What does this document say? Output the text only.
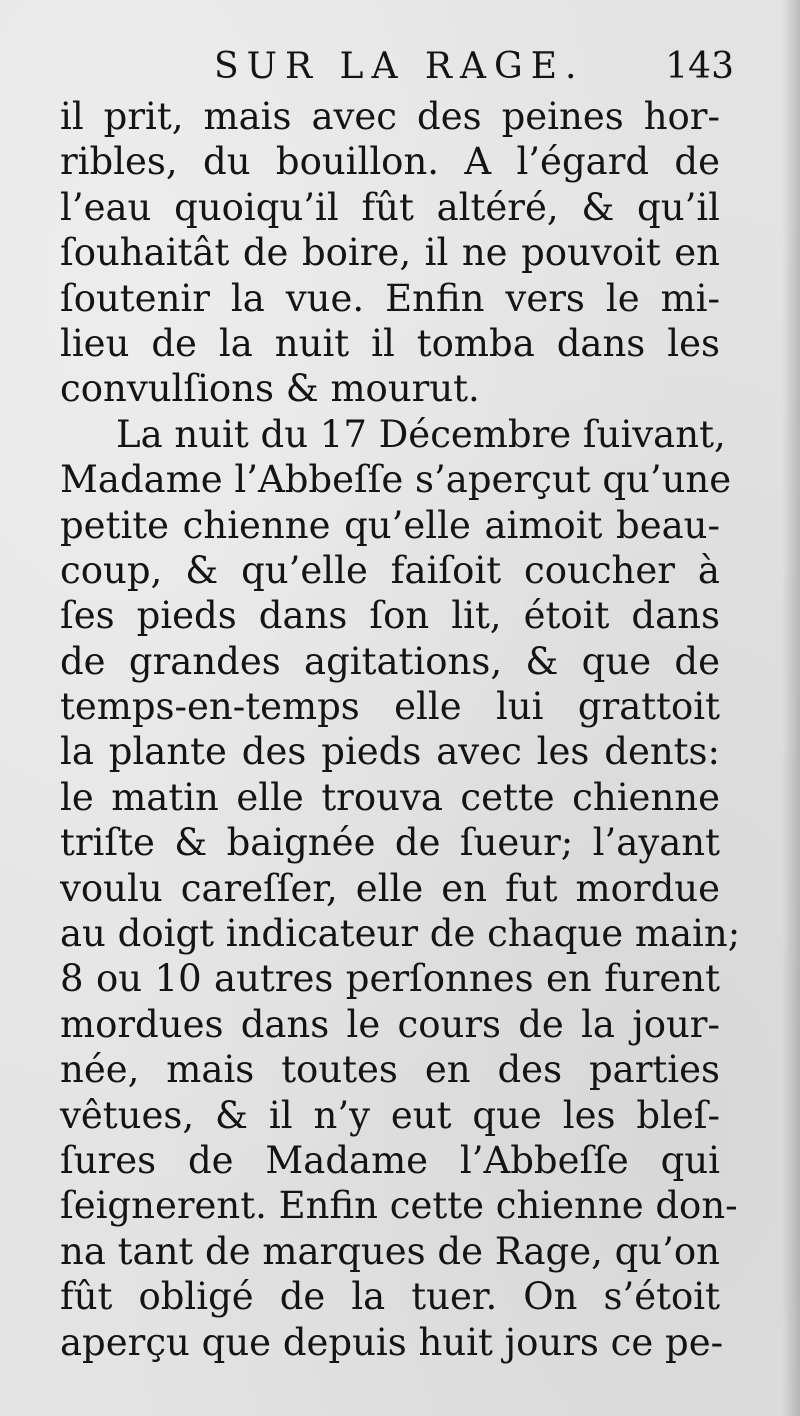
SUR LA RAGE. 143
il prit, mais avec des peines hor-
ribles, du bouillon. A l’égard de
l’eau quoiqu’il fût altéré, & qu’il
ſouhaitât de boire, il ne pouvoit en
ſoutenir la vue. Enfin vers le mi-
lieu de la nuit il tomba dans les
convulſions & mourut.
La nuit du 17 Décembre ſuivant,
Madame l’Abbeſſe s’aperçut qu’une
petite chienne qu’elle aimoit beau-
coup, & qu’elle faiſoit coucher à
ſes pieds dans ſon lit, étoit dans
de grandes agitations, & que de
temps-en-temps elle lui grattoit
la plante des pieds avec les dents:
le matin elle trouva cette chienne
triſte & baignée de ſueur; l’ayant
voulu careſſer, elle en fut mordue
au doigt indicateur de chaque main;
8 ou 10 autres perſonnes en furent
mordues dans le cours de la jour-
née, mais toutes en des parties
vêtues, & il n’y eut que les bleſ-
ſures de Madame l’Abbeſſe qui
ſeignerent. Enfin cette chienne don-
na tant de marques de Rage, qu’on
fût obligé de la tuer. On s’étoit
aperçu que depuis huit jours ce pe-
